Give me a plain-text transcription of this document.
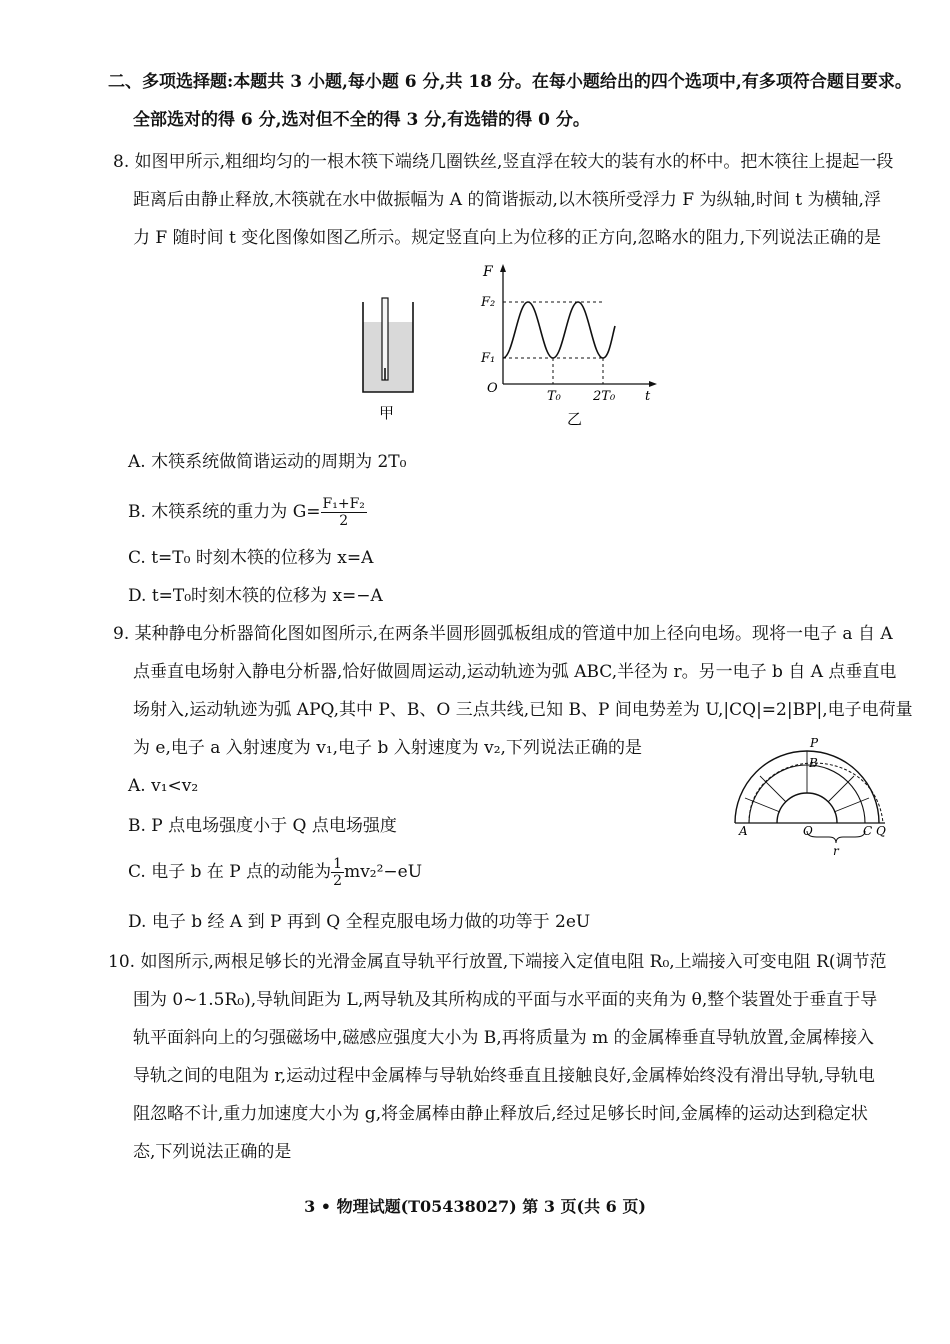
二、多项选择题:本题共 3 小题,每小题 6 分,共 18 分。在每小题给出的四个选项中,有多项符合题目要求。
全部选对的得 6 分,选对但不全的得 3 分,有选错的得 0 分。
8. 如图甲所示,粗细均匀的一根木筷下端绕几圈铁丝,竖直浮在较大的装有水的杯中。把木筷往上提起一段
距离后由静止释放,木筷就在水中做振幅为 A 的简谐振动,以木筷所受浮力 F 为纵轴,时间 t 为横轴,浮
力 F 随时间 t 变化图像如图乙所示。规定竖直向上为位移的正方向,忽略水的阻力,下列说法正确的是
甲
F
F₂
F₁
O
T₀ 2T₀ t
乙
A. 木筷系统做简谐运动的周期为 2T₀
B. 木筷系统的重力为 $G= \frac{\text{F₁+F₂}}{2}$
C. t=T₀ 时刻木筷的位移为 x=A
D. t=T₀时刻木筷的位移为 x=−A
9. 某种静电分析器简化图如图所示,在两条半圆形圆弧板组成的管道中加上径向电场。现将一电子 a 自 A
点垂直电场射入静电分析器,恰好做圆周运动,运动轨迹为弧 ABC,半径为 r。另一电子 b 自 A 点垂直电
场射入,运动轨迹为弧 APQ,其中 P、B、O 三点共线,已知 B、P 间电势差为 U,|CQ|=2|BP|,电子电荷量
为 e,电子 a 入射速度为 v₁,电子 b 入射速度为 v₂,下列说法正确的是
A. v₁<v₂
B. P 点电场强度小于 Q 点电场强度
C. 电子 b 在 P 点的动能为 $\frac{1}{2} mv_2^2-eU$
D. 电子 b 经 A 到 P 再到 Q 全程克服电场力做的功等于 2eU
P
B
A	O	C Q
r
10. 如图所示,两根足够长的光滑金属直导轨平行放置,下端接入定值电阻 R₀,上端接入可变电阻 R(调节范
围为 0~1.5R₀),导轨间距为 L,两导轨及其所构成的平面与水平面的夹角为 θ,整个装置处于垂直于导
轨平面斜向上的匀强磁场中,磁感应强度大小为 B,再将质量为 m 的金属棒垂直导轨放置,金属棒接入
导轨之间的电阻为 r,运动过程中金属棒与导轨始终垂直且接触良好,金属棒始终没有滑出导轨,导轨电
阻忽略不计,重力加速度大小为 g,将金属棒由静止释放后,经过足够长时间,金属棒的运动达到稳定状
态,下列说法正确的是
3 • 物理试题(T05438027) 第 3 页(共 6 页)
